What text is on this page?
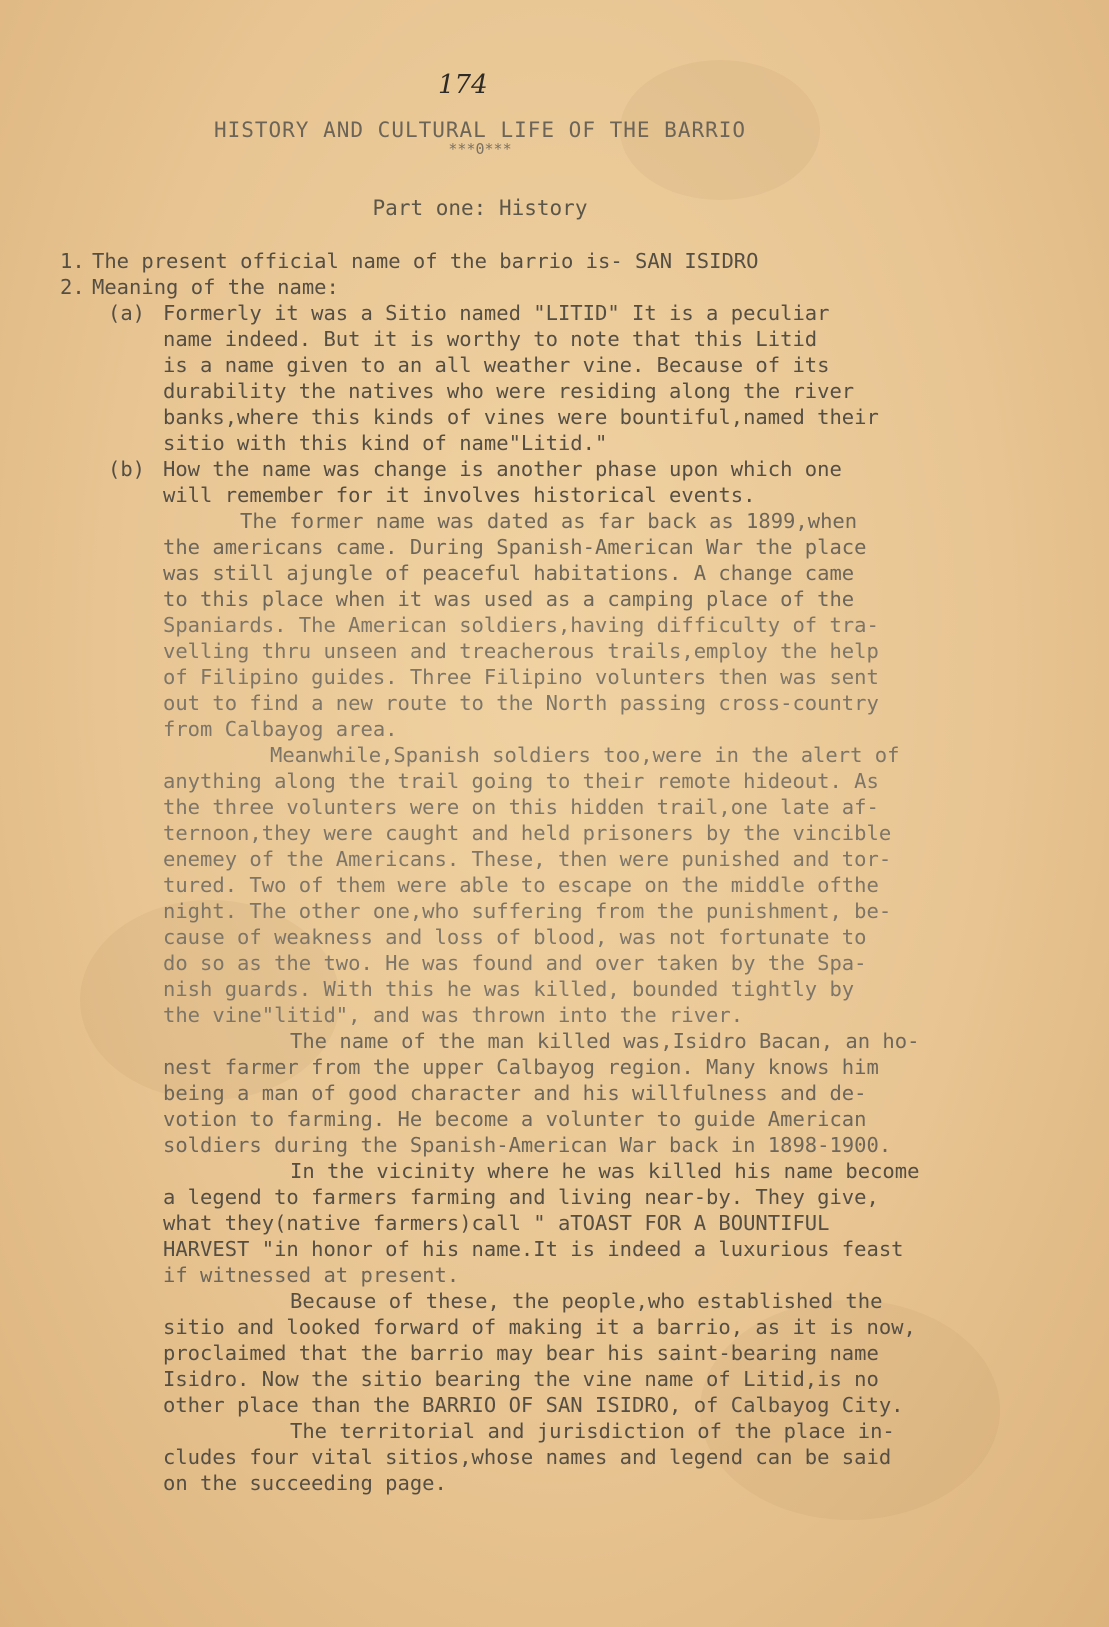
174
HISTORY AND CULTURAL LIFE OF THE BARRIO
***0***
Part one: History
1. The present official name of the barrio is- SAN ISIDRO
2. Meaning of the name:
(a) Formerly it was a Sitio named "LITID" It is a peculiar
name indeed. But it is worthy to note that this Litid
is a name given to an all weather vine. Because of its
durability the natives who were residing along the river
banks,where this kinds of vines were bountiful,named their
sitio with this kind of name"Litid."
(b) How the name was change is another phase upon which one
will remember for it involves historical events.
The former name was dated as far back as 1899,when
the americans came. During Spanish-American War the place
was still ajungle of peaceful habitations. A change came
to this place when it was used as a camping place of the
Spaniards. The American soldiers,having difficulty of tra-
velling thru unseen and treacherous trails,employ the help
of Filipino guides. Three Filipino volunters then was sent
out to find a new route to the North passing cross-country
from Calbayog area.
Meanwhile,Spanish soldiers too,were in the alert of
anything along the trail going to their remote hideout. As
the three volunters were on this hidden trail,one late af-
ternoon,they were caught and held prisoners by the vincible
enemey of the Americans. These, then were punished and tor-
tured. Two of them were able to escape on the middle ofthe
night. The other one,who suffering from the punishment, be-
cause of weakness and loss of blood, was not fortunate to
do so as the two. He was found and over taken by the Spa-
nish guards. With this he was killed, bounded tightly by
the vine"litid", and was thrown into the river.
The name of the man killed was,Isidro Bacan, an ho-
nest farmer from the upper Calbayog region. Many knows him
being a man of good character and his willfulness and de-
votion to farming. He become a volunter to guide American
soldiers during the Spanish-American War back in 1898-1900.
In the vicinity where he was killed his name become
a legend to farmers farming and living near-by. They give,
what they(native farmers)call " aTOAST FOR A BOUNTIFUL
HARVEST "in honor of his name.It is indeed a luxurious feast
if witnessed at present.
Because of these, the people,who established the
sitio and looked forward of making it a barrio, as it is now,
proclaimed that the barrio may bear his saint-bearing name
Isidro. Now the sitio bearing the vine name of Litid,is no
other place than the BARRIO OF SAN ISIDRO, of Calbayog City.
The territorial and jurisdiction of the place in-
cludes four vital sitios,whose names and legend can be said
on the succeeding page.
